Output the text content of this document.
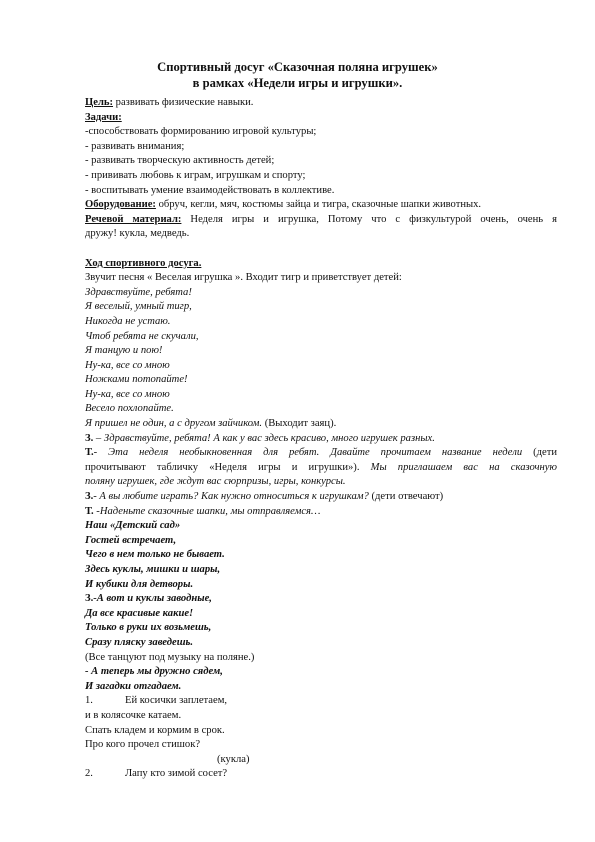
Спортивный досуг «Сказочная поляна игрушек»
в рамках «Недели игры и игрушки».
Цель: развивать физические навыки.
Задачи:
-способствовать формированию игровой культуры;
- развивать внимания;
- развивать творческую активность детей;
- прививать любовь к играм, игрушкам и спорту;
- воспитывать умение взаимодействовать в коллективе.
Оборудование: обруч, кегли, мяч, костюмы зайца и тигра, сказочные шапки животных.
Речевой материал: Неделя игры и игрушка, Потому что с физкультурой очень, очень я
дружу! кукла, медведь.
Ход спортивного досуга.
Звучит песня « Веселая игрушка ». Входит тигр и приветствует детей:
Здравствуйте, ребята!
Я веселый, умный тигр,
Никогда не устаю.
Чтоб ребята не скучали,
Я танцую и пою!
Ну-ка, все со мною
Ножками потопайте!
Ну-ка, все со мною
Весело похлопайте.
Я пришел не один, а с другом зайчиком. (Выходит заяц).
З. – Здравствуйте, ребята! А как у вас здесь красиво, много игрушек разных.
Т.- Эта неделя необыкновенная для ребят. Давайте прочитаем название недели (дети
прочитывают табличку «Неделя игры и игрушки»). Мы приглашаем вас на сказочную
поляну игрушек, где ждут вас сюрпризы, игры, конкурсы.
З.- А вы любите играть? Как нужно относиться к игрушкам? (дети отвечают)
Т. -Наденьте сказочные шапки, мы отправляемся…
Наш «Детский сад»
Гостей встречает,
Чего в нем только не бывает.
Здесь куклы, мишки и шары,
И кубики для детворы.
З.-А вот и куклы заводные,
Да все красивые какие!
Только в руки их возьмешь,
Сразу пляску заведешь.
(Все танцуют под музыку на поляне.)
- А теперь мы дружно сядем,
И загадки отгадаем.
1.	Ей косички заплетаем,
и в колясочке катаем.
Спать кладем и кормим в срок.
Про кого прочел стишок?
(кукла)
2.	Лапу кто зимой сосет?
